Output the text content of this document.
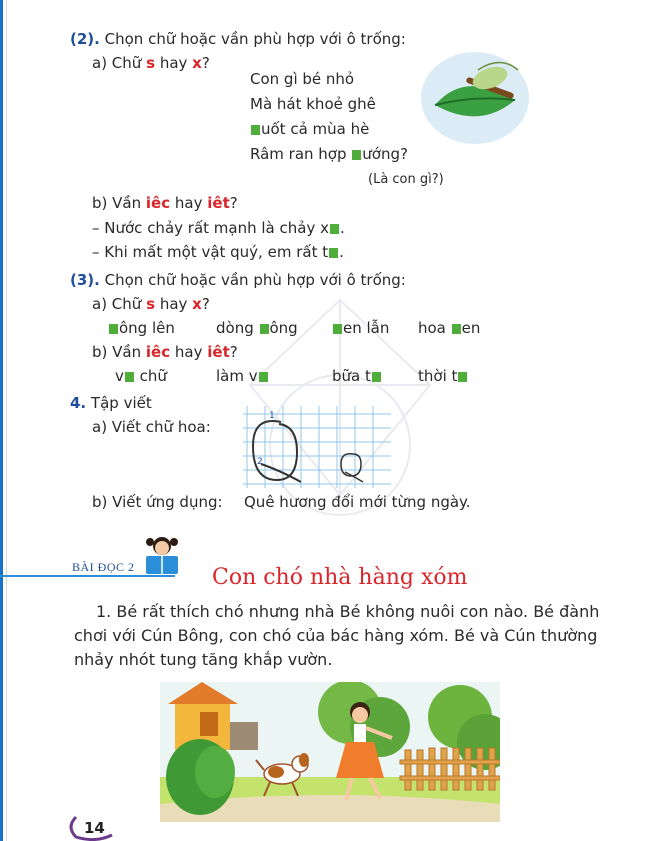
(2). Chọn chữ hoặc vần phù hợp với ô trống:
a) Chữ s hay x?
Con gì bé nhỏ
Mà hát khoẻ ghê
uốt cả mùa hè
Râm ran hợp ướng?
(Là con gì?)
b) Vần iêc hay iêt?
– Nước chảy rất mạnh là chảy x .
– Khi mất một vật quý, em rất t .
(3). Chọn chữ hoặc vần phù hợp với ô trống:
a) Chữ s hay x?
ông lên	dòng ông	en lẫn hoa en
b) Vần iêc hay iêt?
v chữ	làm v	bữa t	thời t
4. Tập viết
a) Viết chữ hoa:
1
2
b) Viết ứng dụng: Quê hương đổi mới từng ngày.
BÀI ĐỌC 2	Con chó nhà hàng xóm
1. Bé rất thích chó nhưng nhà Bé không nuôi con nào. Bé đành
chơi với Cún Bông, con chó của bác hàng xóm. Bé và Cún thường
nhảy nhót tung tăng khắp vườn.
14
